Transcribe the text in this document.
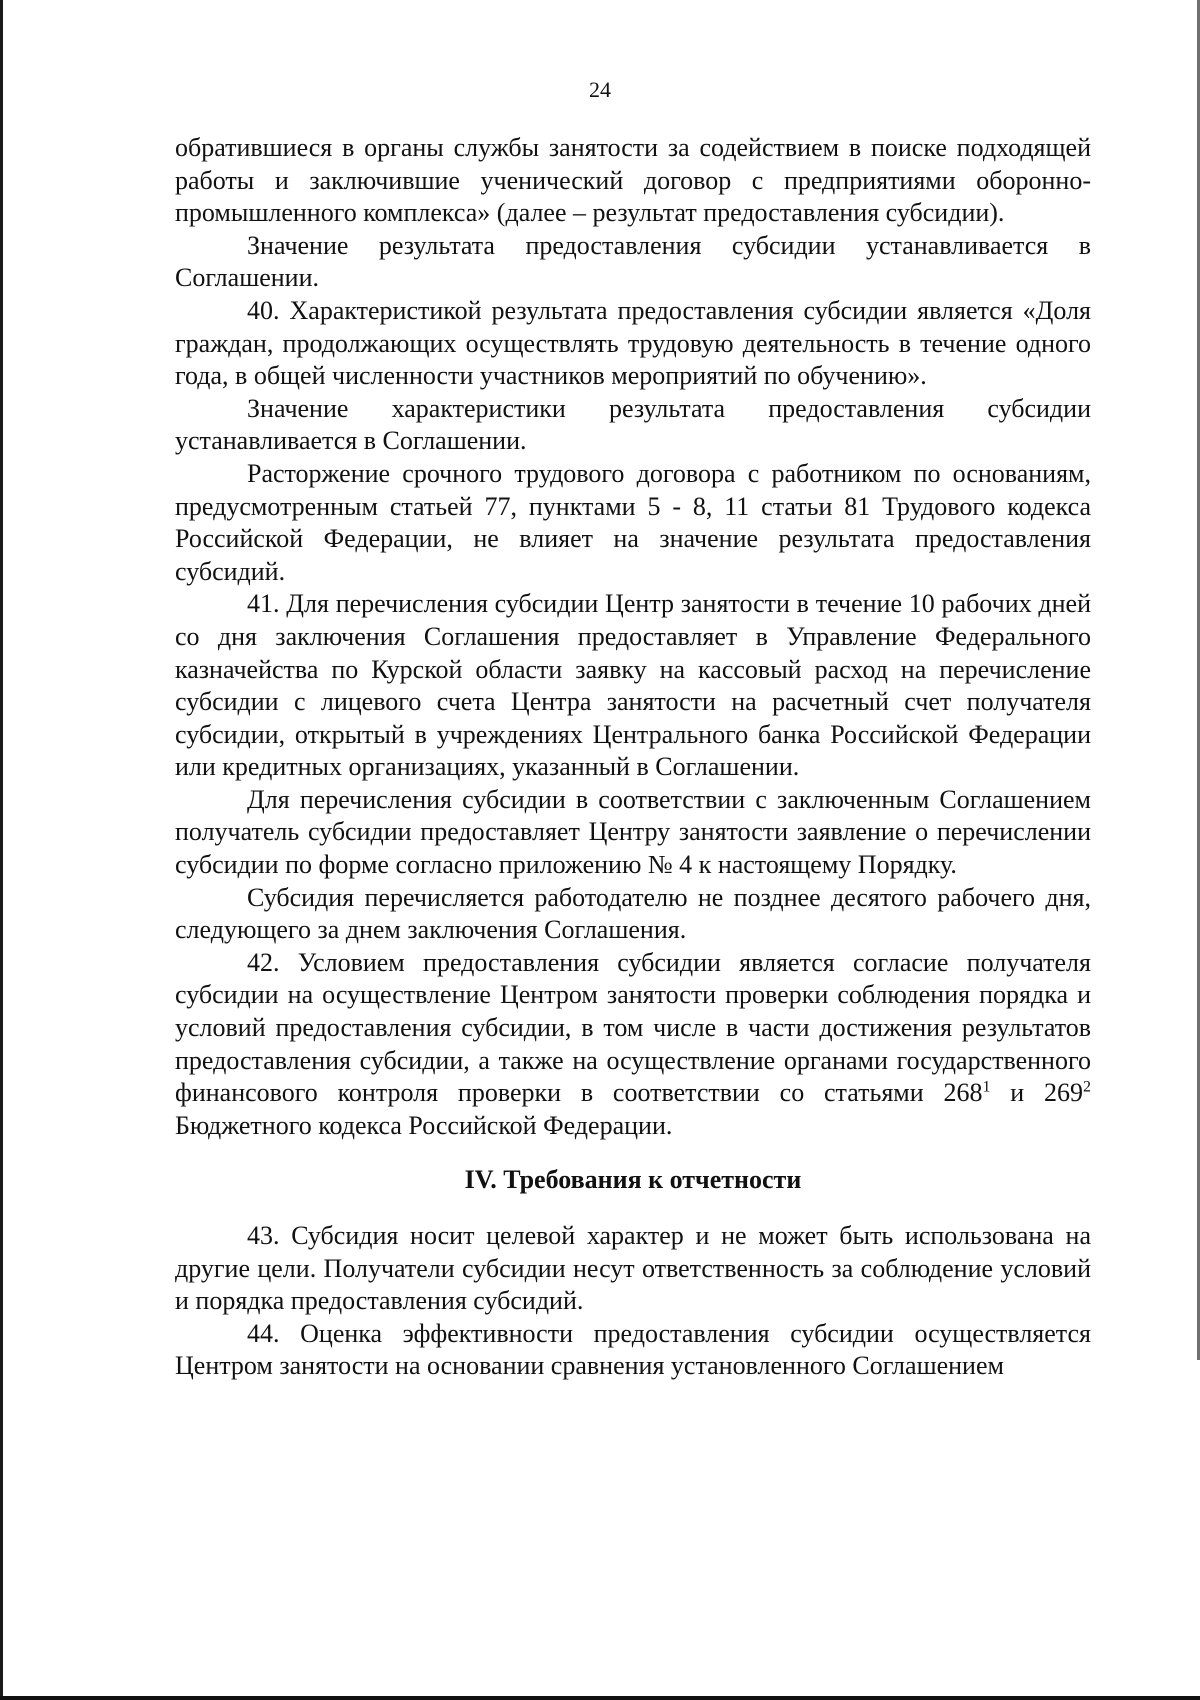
24

обратившиеся в органы службы занятости за содействием в поиске подходящей работы и заключившие ученический договор с предприятиями оборонно-промышленного комплекса» (далее – результат предоставления субсидии).

Значение результата предоставления субсидии устанавливается в Соглашении.

40. Характеристикой результата предоставления субсидии является «Доля граждан, продолжающих осуществлять трудовую деятельность в течение одного года, в общей численности участников мероприятий по обучению».

Значение характеристики результата предоставления субсидии устанавливается в Соглашении.

Расторжение срочного трудового договора с работником по основаниям, предусмотренным статьей 77, пунктами 5 - 8, 11 статьи 81 Трудового кодекса Российской Федерации, не влияет на значение результата предоставления субсидий.

41. Для перечисления субсидии Центр занятости в течение 10 рабочих дней со дня заключения Соглашения предоставляет в Управление Федерального казначейства по Курской области заявку на кассовый расход на перечисление субсидии с лицевого счета Центра занятости на расчетный счет получателя субсидии, открытый в учреждениях Центрального банка Российской Федерации или кредитных организациях, указанный в Соглашении.

Для перечисления субсидии в соответствии с заключенным Соглашением получатель субсидии предоставляет Центру занятости заявление о перечислении субсидии по форме согласно приложению № 4 к настоящему Порядку.

Субсидия перечисляется работодателю не позднее десятого рабочего дня, следующего за днем заключения Соглашения.

42. Условием предоставления субсидии является согласие получателя субсидии на осуществление Центром занятости проверки соблюдения порядка и условий предоставления субсидии, в том числе в части достижения результатов предоставления субсидии, а также на осуществление органами государственного финансового контроля проверки в соответствии со статьями $268^1$ и $269^2$ Бюджетного кодекса Российской Федерации.

IV. Требования к отчетности

43. Субсидия носит целевой характер и не может быть использована на другие цели. Получатели субсидии несут ответственность за соблюдение условий и порядка предоставления субсидий.

44. Оценка эффективности предоставления субсидии осуществляется Центром занятости на основании сравнения установленного Соглашением
